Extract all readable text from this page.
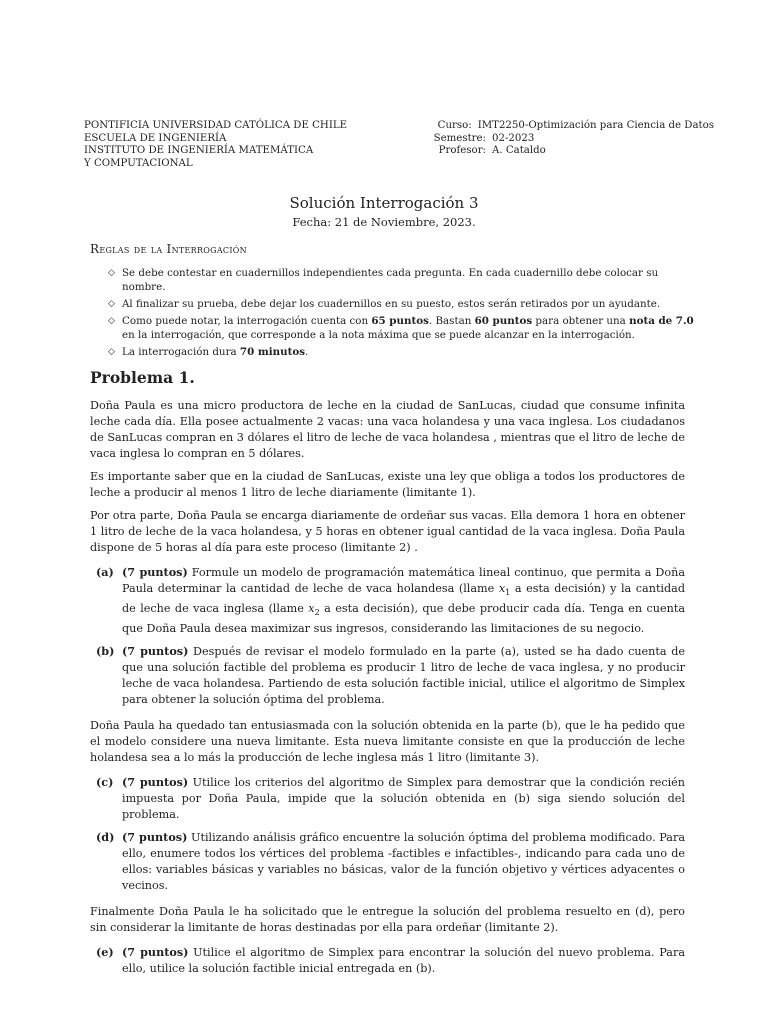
PONTIFICIA UNIVERSIDAD CATÓLICA DE CHILE
ESCUELA DE INGENIERÍA
INSTITUTO DE INGENIERÍA MATEMÁTICA
Y COMPUTACIONAL
Curso: IMT2250-Optimización para Ciencia de Datos
Semestre: 02-2023
Profesor: A. Cataldo
Solución Interrogación 3
Fecha: 21 de Noviembre, 2023.
Reglas de la Interrogación
◇ Se debe contestar en cuadernillos independientes cada pregunta. En cada cuadernillo debe colocar su nombre.
◇ Al finalizar su prueba, debe dejar los cuadernillos en su puesto, estos serán retirados por un ayudante.
◇ Como puede notar, la interrogación cuenta con 65 puntos. Bastan 60 puntos para obtener una nota de 7.0 en la interrogación, que corresponde a la nota máxima que se puede alcanzar en la interrogación.
◇ La interrogación dura 70 minutos.
Problema 1.

Doña Paula es una micro productora de leche en la ciudad de SanLucas, ciudad que consume infinita leche cada día. Ella posee actualmente 2 vacas: una vaca holandesa y una vaca inglesa. Los ciudadanos de SanLucas compran en 3 dólares el litro de leche de vaca holandesa , mientras que el litro de leche de vaca inglesa lo compran en 5 dólares.

Es importante saber que en la ciudad de SanLucas, existe una ley que obliga a todos los productores de leche a producir al menos 1 litro de leche diariamente (limitante 1).

Por otra parte, Doña Paula se encarga diariamente de ordeñar sus vacas. Ella demora 1 hora en obtener 1 litro de leche de la vaca holandesa, y 5 horas en obtener igual cantidad de la vaca inglesa. Doña Paula dispone de 5 horas al día para este proceso (limitante 2) .

(a) (7 puntos) Formule un modelo de programación matemática lineal continuo, que permita a Doña Paula determinar la cantidad de leche de vaca holandesa (llame $x_1$ a esta decisión) y la cantidad de leche de vaca inglesa (llame $x_2$ a esta decisión), que debe producir cada día. Tenga en cuenta que Doña Paula desea maximizar sus ingresos, considerando las limitaciones de su negocio.
(b) (7 puntos) Después de revisar el modelo formulado en la parte (a), usted se ha dado cuenta de que una solución factible del problema es producir 1 litro de leche de vaca inglesa, y no producir leche de vaca holandesa. Partiendo de esta solución factible inicial, utilice el algoritmo de Simplex para obtener la solución óptima del problema.

Doña Paula ha quedado tan entusiasmada con la solución obtenida en la parte (b), que le ha pedido que el modelo considere una nueva limitante. Esta nueva limitante consiste en que la producción de leche holandesa sea a lo más la producción de leche inglesa más 1 litro (limitante 3).

(c) (7 puntos) Utilice los criterios del algoritmo de Simplex para demostrar que la condición recién impuesta por Doña Paula, impide que la solución obtenida en (b) siga siendo solución del problema.
(d) (7 puntos) Utilizando análisis gráfico encuentre la solución óptima del problema modificado. Para ello, enumere todos los vértices del problema -factibles e infactibles-, indicando para cada uno de ellos: variables básicas y variables no básicas, valor de la función objetivo y vértices adyacentes o vecinos.

Finalmente Doña Paula le ha solicitado que le entregue la solución del problema resuelto en (d), pero sin considerar la limitante de horas destinadas por ella para ordeñar (limitante 2).

(e) (7 puntos) Utilice el algoritmo de Simplex para encontrar la solución del nuevo problema. Para ello, utilice la solución factible inicial entregada en (b).
